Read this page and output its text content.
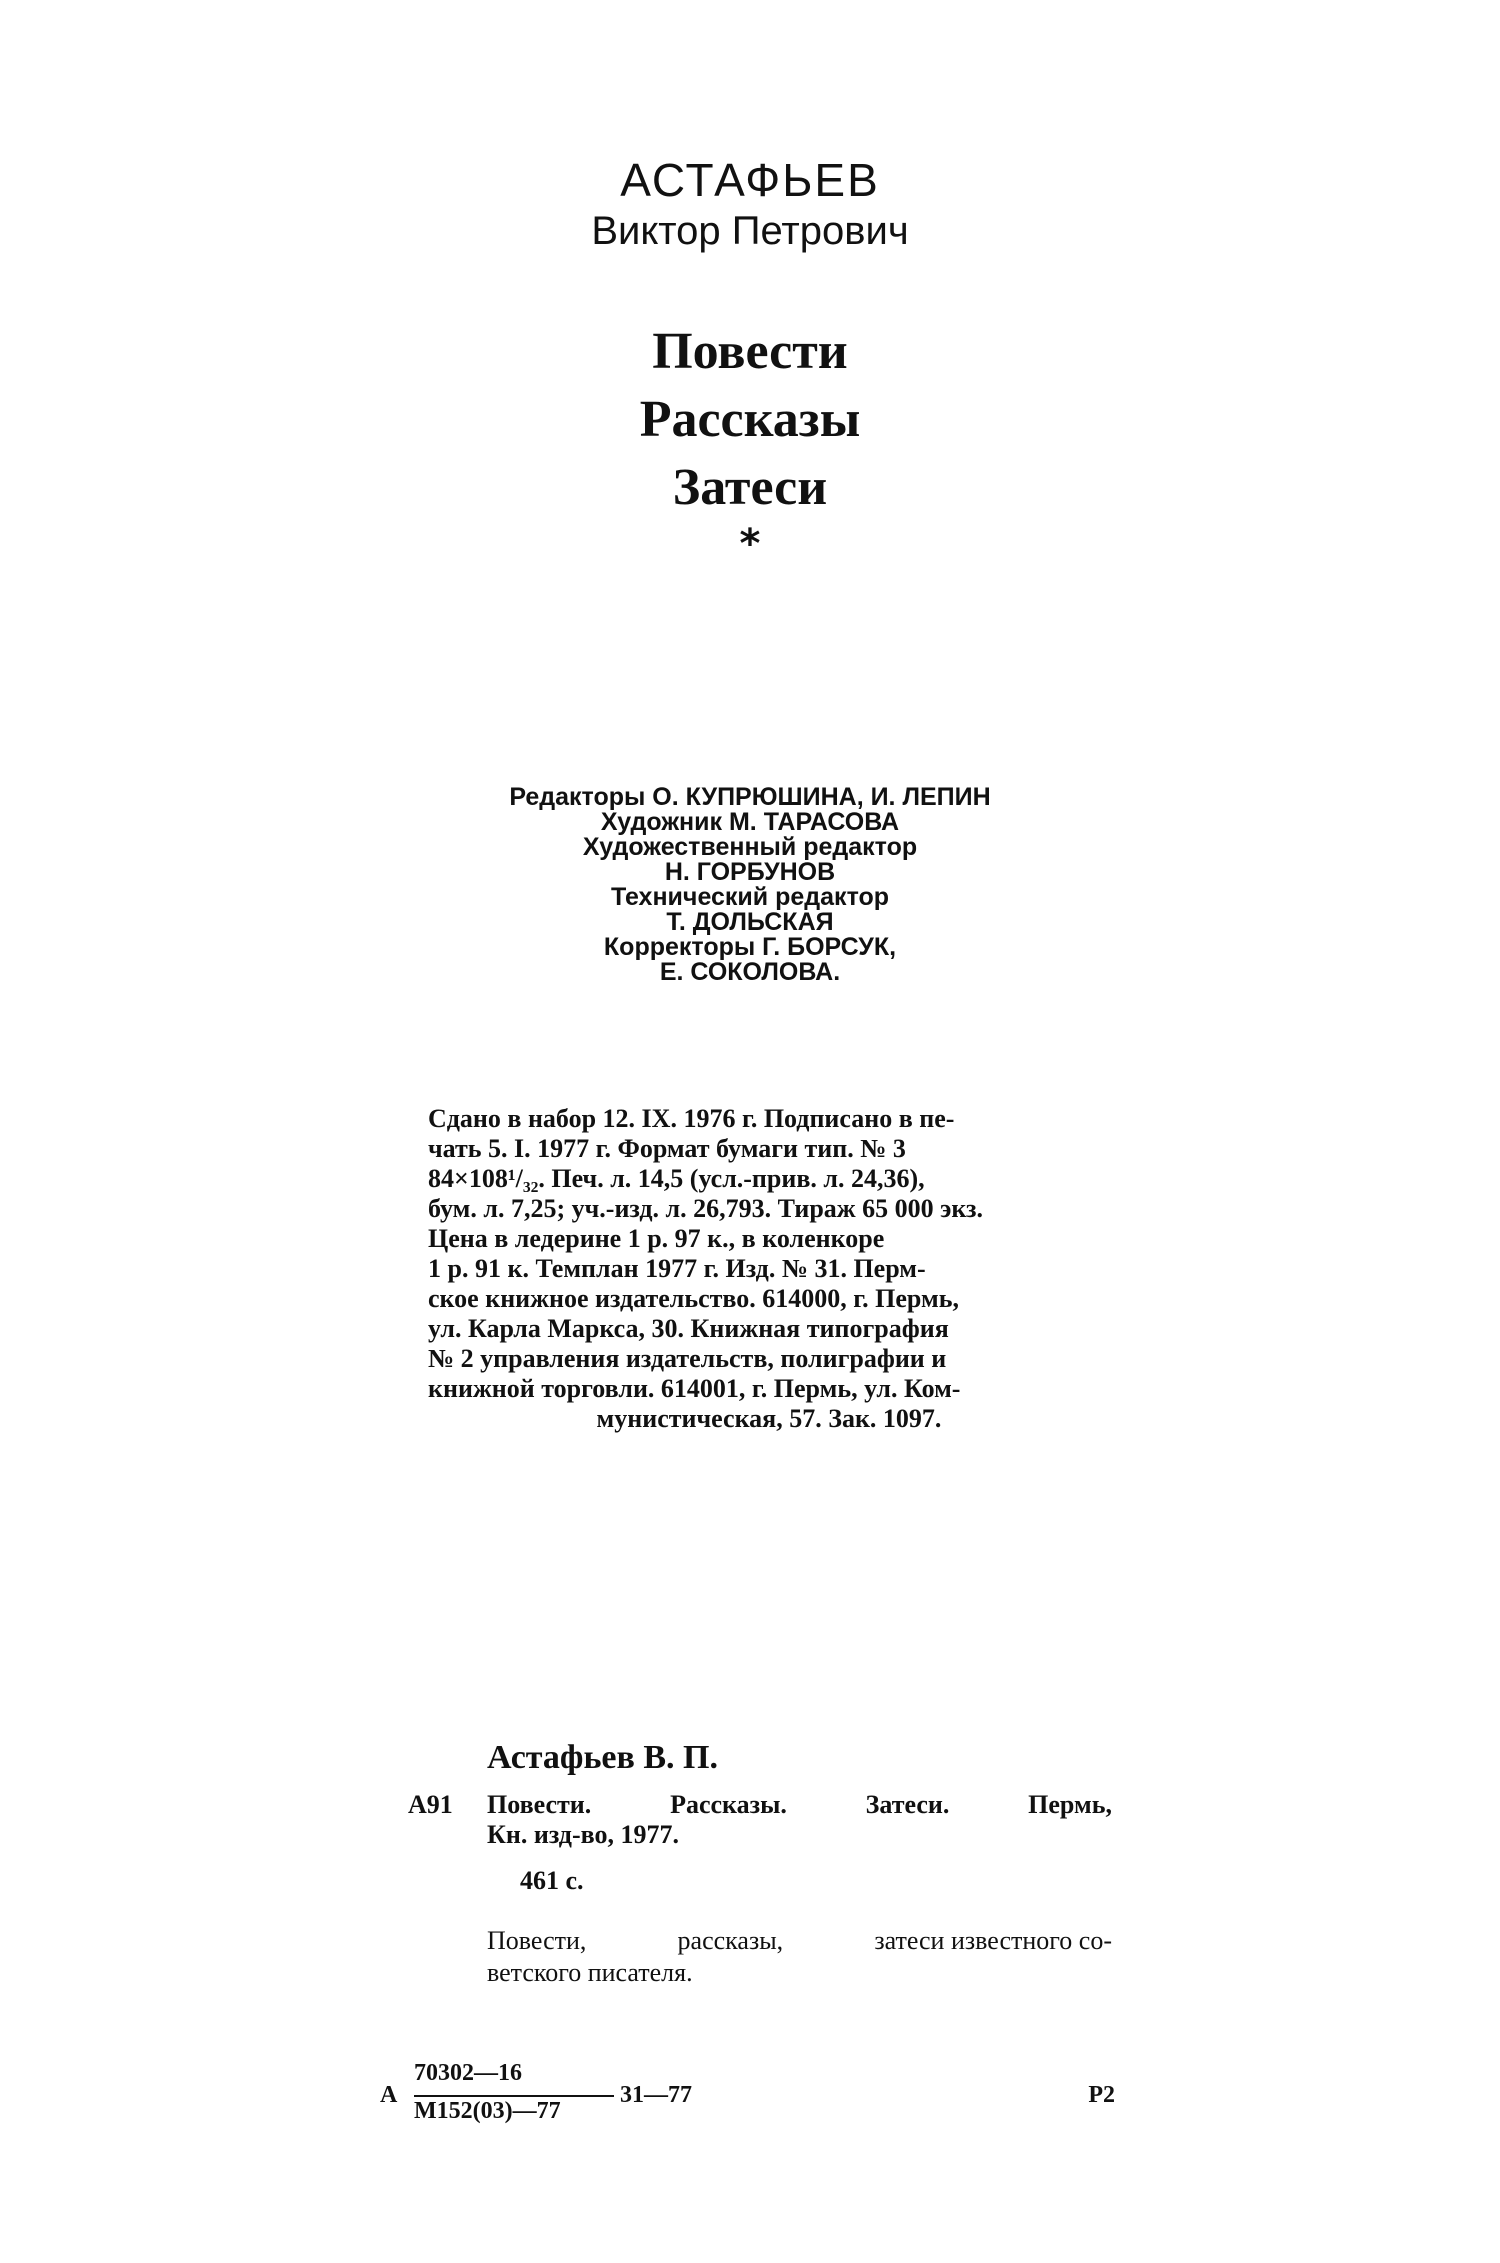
АСТАФЬЕВ
Виктор Петрович
Повести
Рассказы
Затеси
*
Редакторы О. КУПРЮШИНА, И. ЛЕПИН
Художник М. ТАРАСОВА
Художественный редактор
Н. ГОРБУНОВ
Технический редактор
Т. ДОЛЬСКАЯ
Корректоры Г. БОРСУК,
Е. СОКОЛОВА.
Сдано в набор 12. IX. 1976 г. Подписано в пе-
чать 5. I. 1977 г. Формат бумаги тип. № 3
84×108¹/₃₂. Печ. л. 14,5 (усл.-прив. л. 24,36),
бум. л. 7,25; уч.-изд. л. 26,793. Тираж 65 000 экз.
Цена в ледерине 1 р. 97 к., в коленкоре
1 р. 91 к. Темплан 1977 г. Изд. № 31. Перм-
ское книжное издательство. 614000, г. Пермь,
ул. Карла Маркса, 30. Книжная типография
№ 2 управления издательств, полиграфии и
книжной торговли. 614001, г. Пермь, ул. Ком-
мунистическая, 57. Зак. 1097.
Астафьев В. П.
А91 Повести.	Рассказы.	Затеси.	Пермь,
Кн. изд-во, 1977.
461 с.
Повести,	рассказы,	затеси известного со-
ветского писателя.
А
70302—16
М152(03)—77
31—77	Р2
